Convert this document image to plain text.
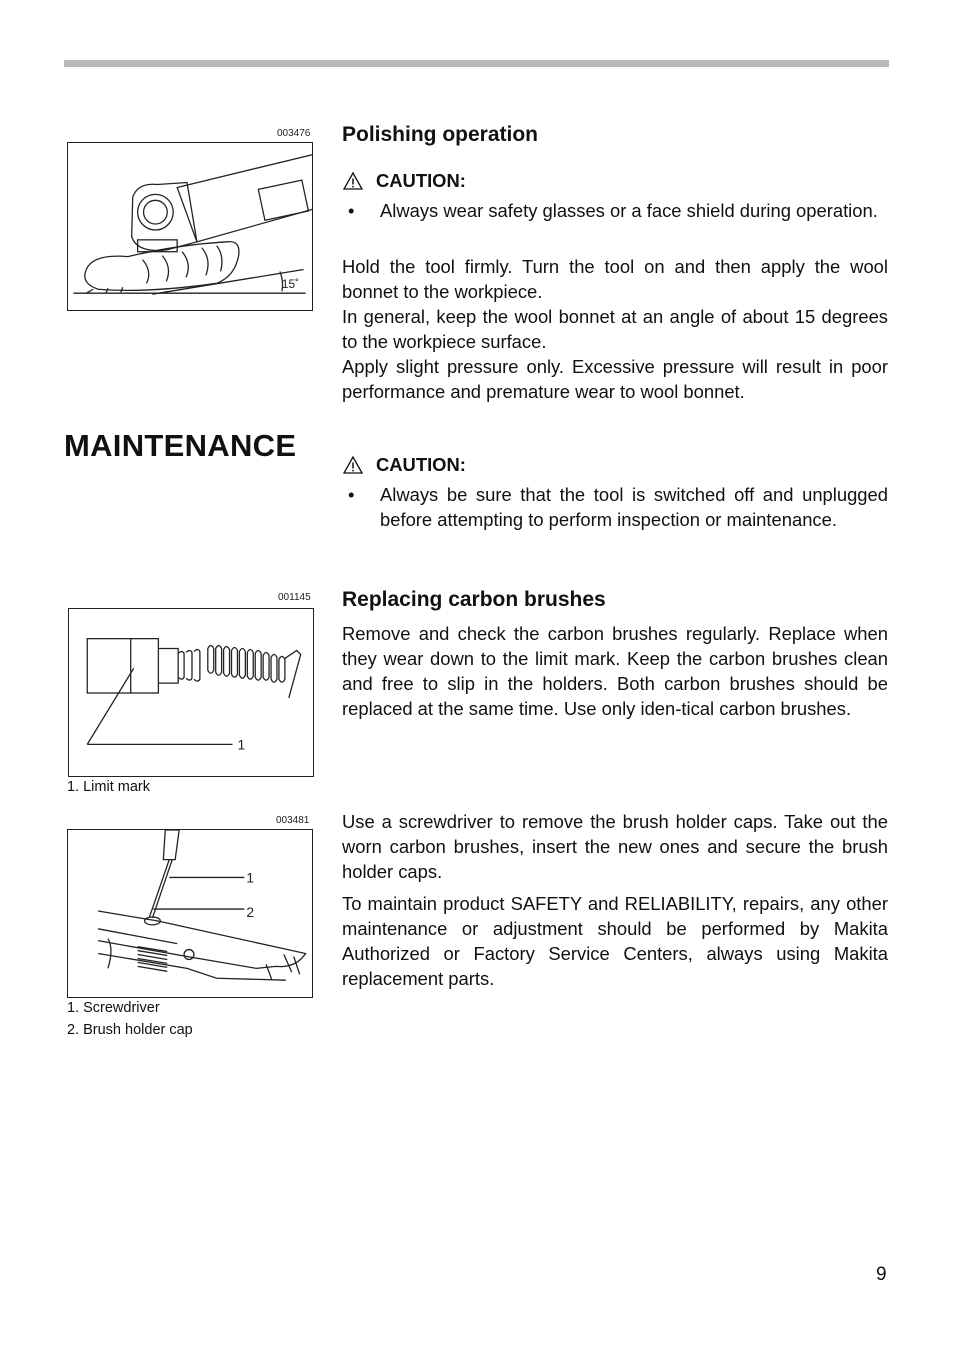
003476
15˚
Polishing operation
CAUTION:
•	Always wear safety glasses or a face shield during operation.

Hold the tool firmly. Turn the tool on and then apply the wool bonnet to the workpiece.

In general, keep the wool bonnet at an angle of about 15 degrees to the workpiece surface.

Apply slight pressure only. Excessive pressure will result in poor performance and premature wear to wool bonnet.

MAINTENANCE
CAUTION:
•	Always be sure that the tool is switched off and unplugged before attempting to perform inspection or maintenance.
001145
1
1. Limit mark
Replacing carbon brushes
Remove and check the carbon brushes regularly. Replace when they wear down to the limit mark. Keep the carbon brushes clean and free to slip in the holders. Both carbon brushes should be replaced at the same time. Use only iden-tical carbon brushes.
003481
1
2
1. Screwdriver
2. Brush holder cap
Use a screwdriver to remove the brush holder caps. Take out the worn carbon brushes, insert the new ones and secure the brush holder caps.
To maintain product SAFETY and RELIABILITY, repairs, any other maintenance or adjustment should be performed by Makita Authorized or Factory Service Centers, always using Makita replacement parts.
9
